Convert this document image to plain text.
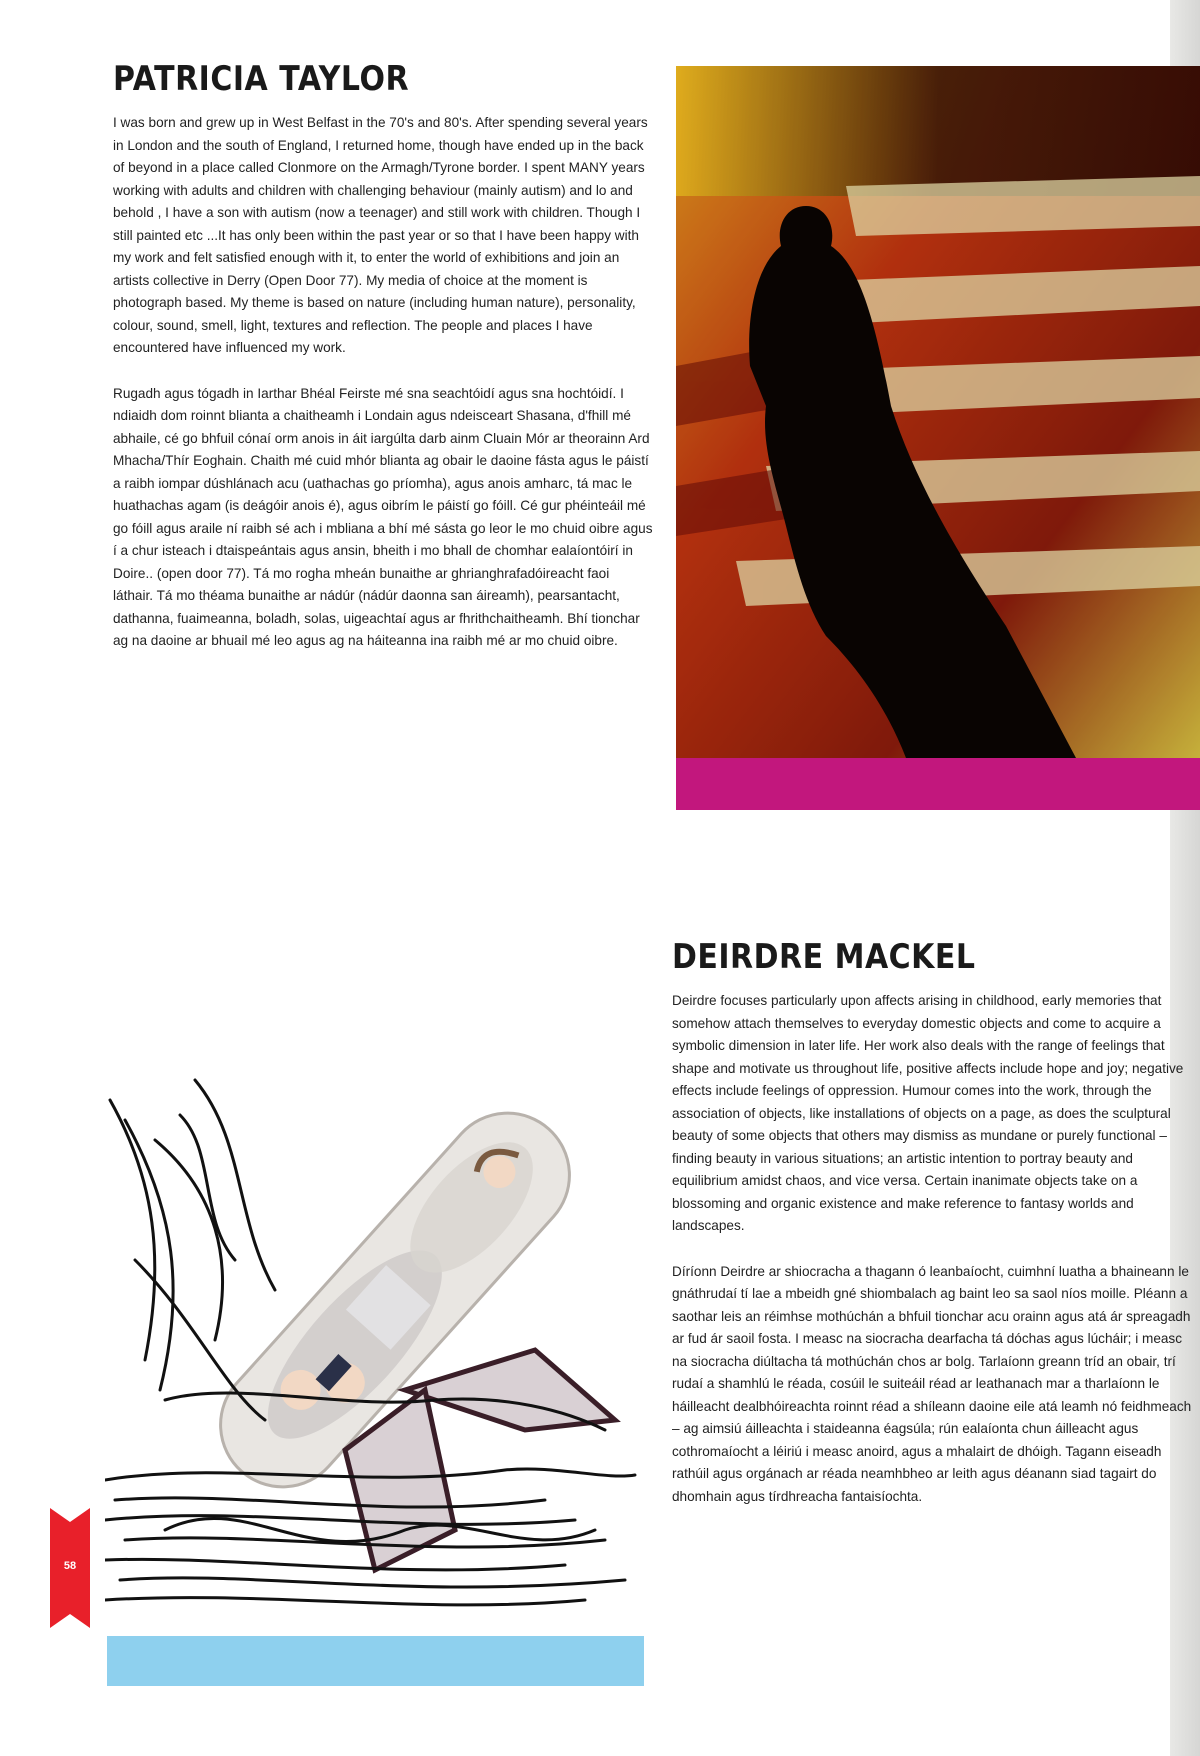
PATRICIA TAYLOR

I was born and grew up in West Belfast in the 70's and 80's. After spending several years in London and the south of England, I returned home, though have ended up in the back of beyond in a place called Clonmore on the Armagh/Tyrone border. I spent MANY years working with adults and children with challenging behaviour (mainly autism) and lo and behold , I have a son with autism (now a teenager) and still work with children. Though I still painted etc ...It has only been within the past year or so that I have been happy with my work and felt satisfied enough with it, to enter the world of exhibitions and join an artists collective in Derry (Open Door 77). My media of choice at the moment is photograph based. My theme is based on nature (including human nature), personality, colour, sound, smell, light, textures and reflection. The people and places I have encountered have influenced my work.

Rugadh agus tógadh in Iarthar Bhéal Feirste mé sna seachtóidí agus sna hochtóidí. I ndiaidh dom roinnt blianta a chaitheamh i Londain agus ndeisceart Shasana, d'fhill mé abhaile, cé go bhfuil cónaí orm anois in áit iargúlta darb ainm Cluain Mór ar theorainn Ard Mhacha/Thír Eoghain. Chaith mé cuid mhór blianta ag obair le daoine fásta agus le páistí a raibh iompar dúshlánach acu (uathachas go príomha), agus anois amharc, tá mac le huathachas agam (is deágóir anois é), agus oibrím le páistí go fóill. Cé gur phéinteáil mé go fóill agus araile ní raibh sé ach i mbliana a bhí mé sásta go leor le mo chuid oibre agus í a chur isteach i dtaispeántais agus ansin, bheith i mo bhall de chomhar ealaíontóirí in Doire.. (open door 77). Tá mo rogha mheán bunaithe ar ghrianghrafadóireacht faoi láthair. Tá mo théama bunaithe ar nádúr (nádúr daonna san áireamh), pearsantacht, dathanna, fuaimeanna, boladh, solas, uigeachtaí agus ar fhrithchaitheamh. Bhí tionchar ag na daoine ar bhuail mé leo agus ag na háiteanna ina raibh mé ar mo chuid oibre.

DEIRDRE MACKEL

Deirdre focuses particularly upon affects arising in childhood, early memories that somehow attach themselves to everyday domestic objects and come to acquire a symbolic dimension in later life. Her work also deals with the range of feelings that shape and motivate us throughout life, positive affects include hope and joy; negative effects include feelings of oppression. Humour comes into the work, through the association of objects, like installations of objects on a page, as does the sculptural beauty of some objects that others may dismiss as mundane or purely functional – finding beauty in various situations; an artistic intention to portray beauty and equilibrium amidst chaos, and vice versa. Certain inanimate objects take on a blossoming and organic existence and make reference to fantasy worlds and landscapes.

Díríonn Deirdre ar shiocracha a thagann ó leanbaíocht, cuimhní luatha a bhaineann le gnáthrudaí tí lae a mbeidh gné shiombalach ag baint leo sa saol níos moille. Pléann a saothar leis an réimhse mothúchán a bhfuil tionchar acu orainn agus atá ár spreagadh ar fud ár saoil fosta. I measc na siocracha dearfacha tá dóchas agus lúcháir; i measc na siocracha diúltacha tá mothúchán chos ar bolg. Tarlaíonn greann tríd an obair, trí rudaí a shamhlú le réada, cosúil le suiteáil réad ar leathanach mar a tharlaíonn le háilleacht dealbhóireachta roinnt réad a shíleann daoine eile atá leamh nó feidhmeach – ag aimsiú áilleachta i staideanna éagsúla; rún ealaíonta chun áilleacht agus cothromaíocht a léiriú i measc anoird, agus a mhalairt de dhóigh. Tagann eiseadh rathúil agus orgánach ar réada neamhbheo ar leith agus déanann siad tagairt do dhomhain agus tírdhreacha fantaisíochta.

58
